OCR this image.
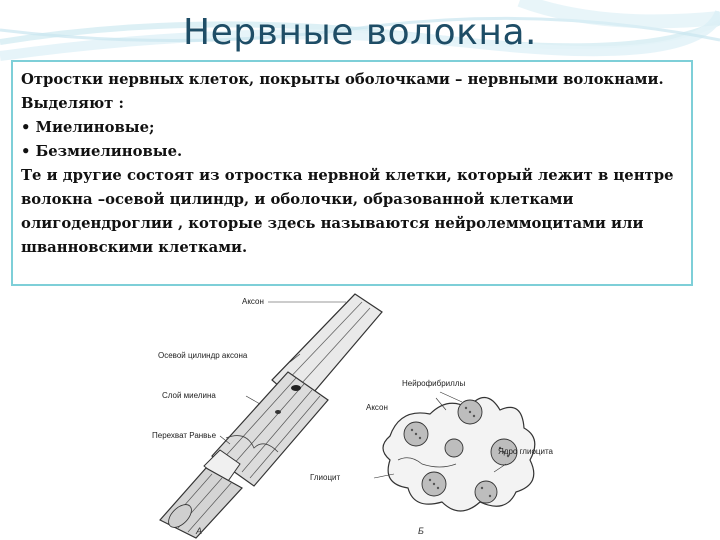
Нервные волокна.

Отростки нервных клеток, покрыты оболочками – нервными волокнами. Выделяют :

• Миелиновые;

• Безмиелиновые.

Те и другие состоят из отростка нервной клетки, который лежит в центре волокна –осевой цилиндр, и оболочки, образованной клетками олигодендроглии , которые здесь называются нейролеммоцитами или шванновскими клетками.

Аксон
Осевой цилиндр аксона
Слой миелина
Перехват Ранвье
А
Нейрофибриллы
Аксон
Ядро глиоцита
Глиоцит
Б
